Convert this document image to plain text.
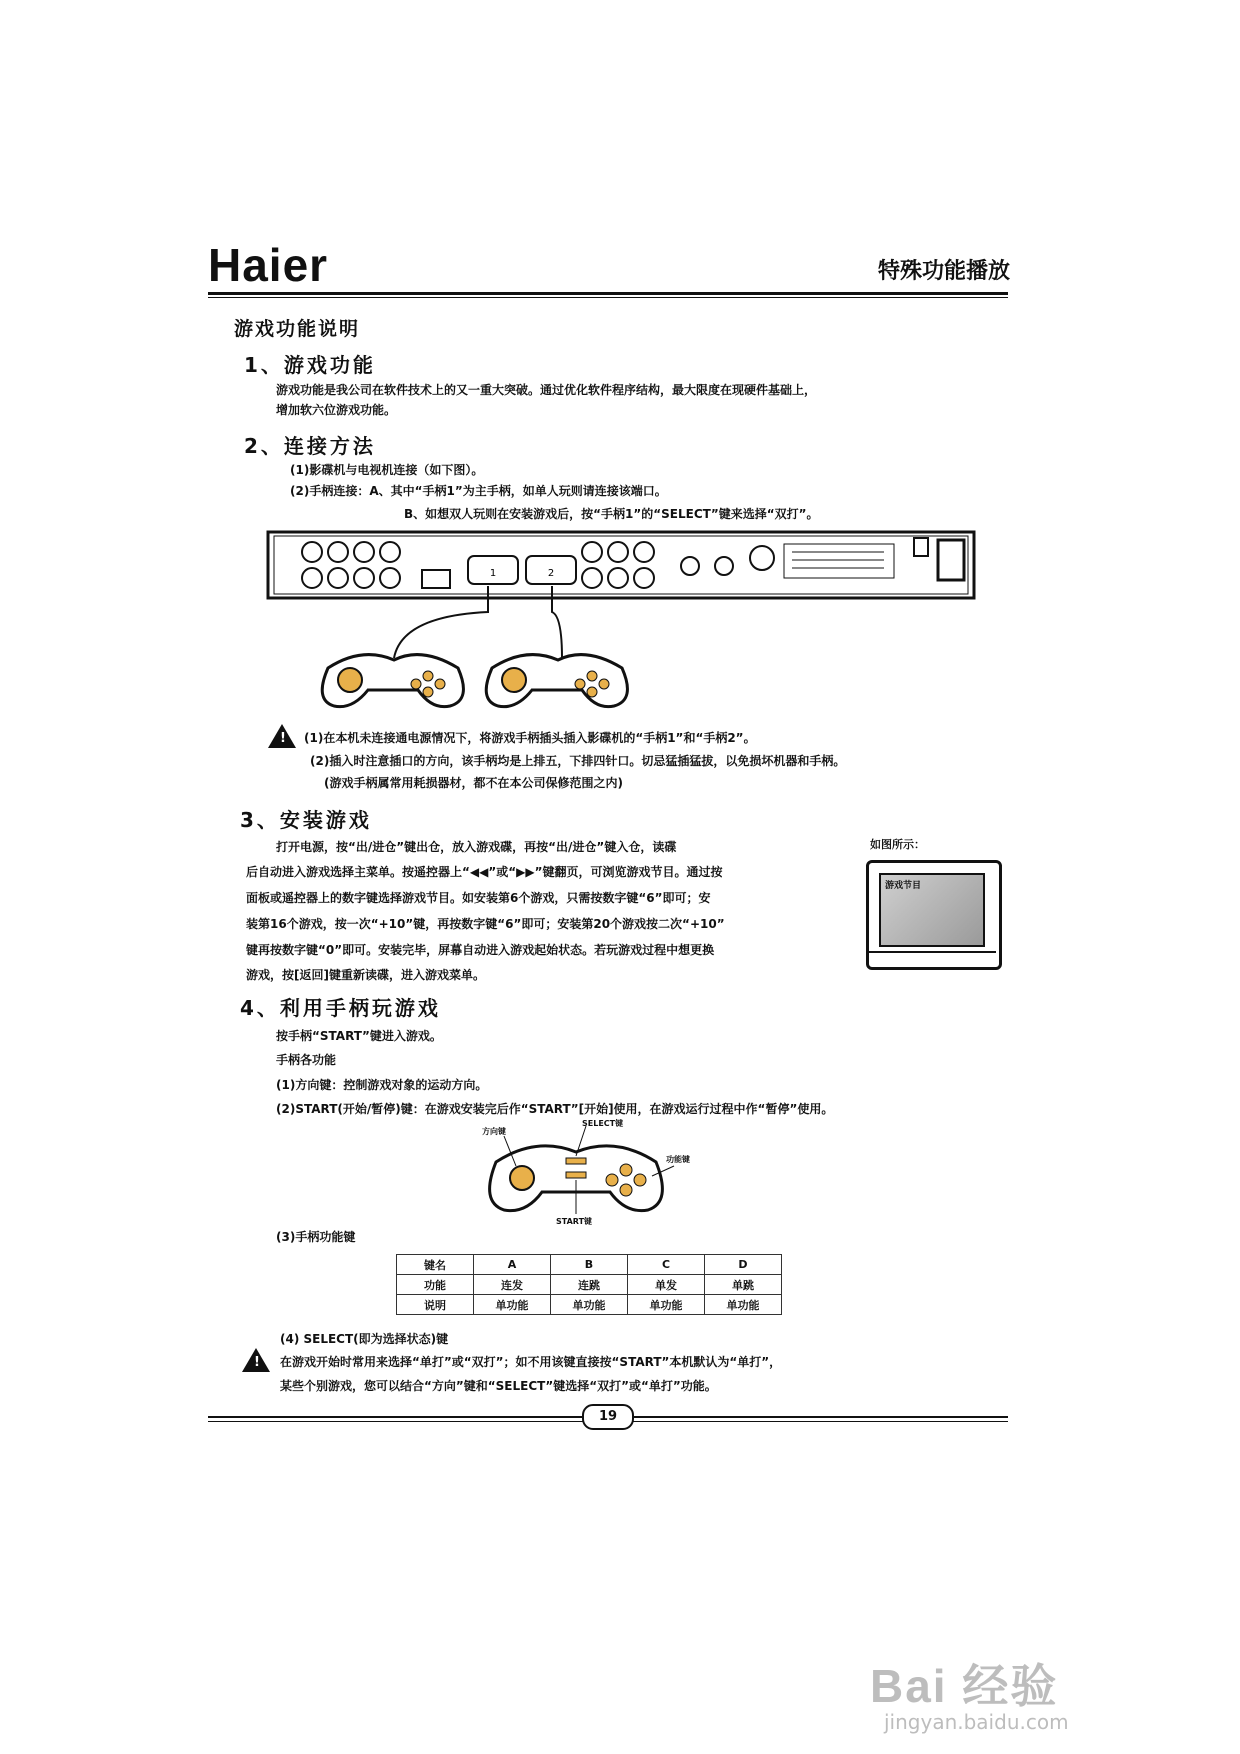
Haier	特殊功能播放
游戏功能说明
1、游戏功能
游戏功能是我公司在软件技术上的又一重大突破。通过优化软件程序结构，最大限度在现硬件基础上，
增加软六位游戏功能。
2、连接方法
(1)影碟机与电视机连接（如下图）。
(2)手柄连接：A、其中“手柄1”为主手柄，如单人玩则请连接该端口。
B、如想双人玩则在安装游戏后，按“手柄1”的“SELECT”键来选择“双打”。
1	2
! (1)在本机未连接通电源情况下，将游戏手柄插头插入影碟机的“手柄1”和“手柄2”。
(2)插入时注意插口的方向，该手柄均是上排五，下排四针口。切忌猛插猛拔，以免损坏机器和手柄。
(游戏手柄属常用耗损器材，都不在本公司保修范围之内)
3、安装游戏
打开电源，按“出/进仓”键出仓，放入游戏碟，再按“出/进仓”键入仓，读碟
后自动进入游戏选择主菜单。按遥控器上“◀◀”或“▶▶”键翻页，可浏览游戏节目。通过按
面板或遥控器上的数字键选择游戏节目。如安装第6个游戏，只需按数字键“6”即可；安
装第16个游戏，按一次“+10”键，再按数字键“6”即可；安装第20个游戏按二次“+10”
键再按数字键“0”即可。安装完毕，屏幕自动进入游戏起始状态。若玩游戏过程中想更换
游戏，按[返回]键重新读碟，进入游戏菜单。
如图所示：
游戏节目
4、利用手柄玩游戏
按手柄“START”键进入游戏。
手柄各功能
(1)方向键：控制游戏对象的运动方向。
(2)START(开始/暂停)键：在游戏安装完后作“START”[开始]使用，在游戏运行过程中作“暂停”使用。
方向键
SELECT键
功能键
START键
(3)手柄功能键
键名	A	B	C	D
功能	连发	连跳	单发	单跳
说明	单功能	单功能	单功能	单功能
(4) SELECT(即为选择状态)键
! 在游戏开始时常用来选择“单打”或“双打”；如不用该键直接按“START”本机默认为“单打”，
某些个别游戏，您可以结合“方向”键和“SELECT”键选择“双打”或“单打”功能。
19
Bai 经验
jingyan.baidu.com
